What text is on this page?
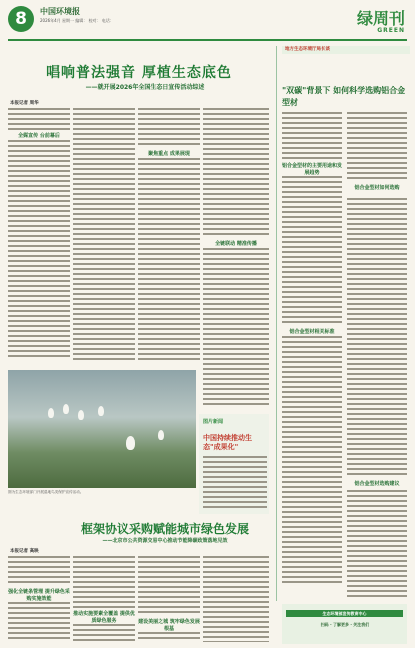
8	中国环境报
2026年4月 星期一 编辑： 校对： 电话：	绿周刊
GREEN
唱响普法强音 厚植生态底色
——就开展2026年全国生态日宣传活动综述
本报记者 周华
全媒宣传 台前幕后
聚焦重点 成果展现
全链联动 精准传播
图为生态环境部门开展湿地鸟类保护宣传活动。
图片新闻
中国持续推动生态"成果化"
框架协议采购赋能城市绿色发展
——北京市公共资源交易中心推动节能降碳政策落地见效
本报记者 高映
强化全链条管理 提升绿色采购实施效能
推动实施要素全覆盖 提供优质绿色服务	建设美丽之城 筑牢绿色发展根基
地方生态环境厅局长谈
"双碳"背景下 如何科学选购铝合金型材
铝合金型材的主要用途和发展趋势
铝合金型材相关标准
铝合金型材如何选购
铝合金型材选购建议
生态环境部宣传教育中心
扫码 · 了解更多 · 关注我们
